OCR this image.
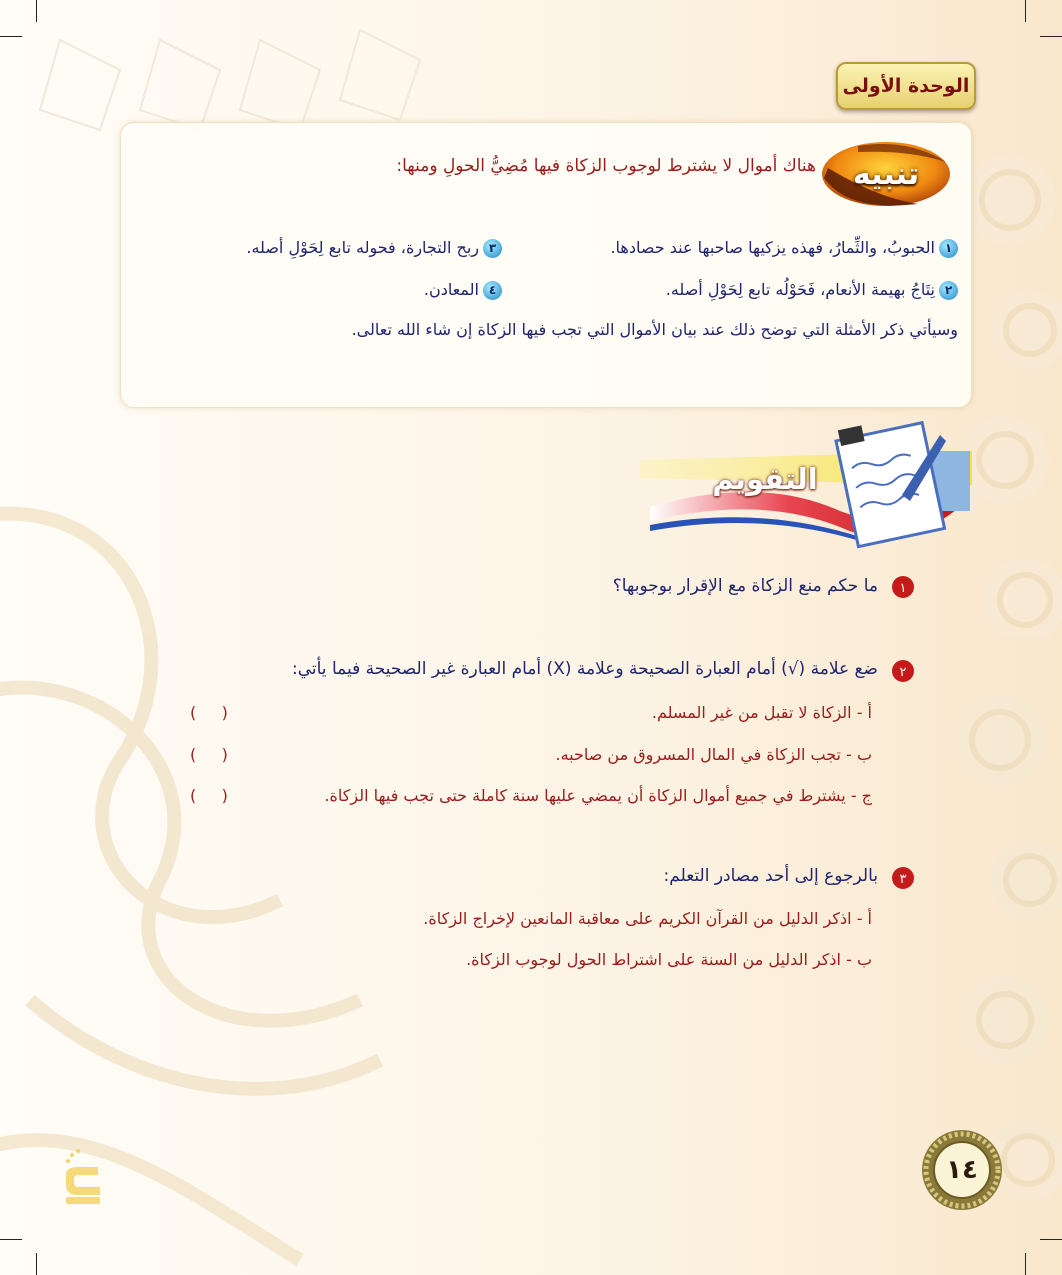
الوحدة الأولى
تنبيه
هناك أموال لا يشترط لوجوب الزكاة فيها مُضِيُّ الحولِ ومنها:
١الحبوبُ، والثِّمارُ، فهذه يزكيها صاحبها عند حصادها.
٢نِتَاجُ بهيمة الأنعام، فَحَوْلُه تابع لِحَوْلِ أصله.
٣ربح التجارة، فحوله تابع لِحَوْلِ أصله.
٤المعادن.
وسيأتي ذكر الأمثلة التي توضح ذلك عند بيان الأموال التي تجب فيها الزكاة إن شاء الله تعالى.
التقويم
١
ما حكم منع الزكاة مع الإقرار بوجوبها؟
٢
ضع علامة (√) أمام العبارة الصحيحة وعلامة (X) أمام العبارة غير الصحيحة فيما يأتي:
أ - الزكاة لا تقبل من غير المسلم.
(     )
ب - تجب الزكاة في المال المسروق من صاحبه.
(     )
ج - يشترط في جميع أموال الزكاة أن يمضي عليها سنة كاملة حتى تجب فيها الزكاة.
(     )
٣
بالرجوع إلى أحد مصادر التعلم:
أ - اذكر الدليل من القرآن الكريم على معاقبة المانعين لإخراج الزكاة.
ب - اذكر الدليل من السنة على اشتراط الحول لوجوب الزكاة.
١٤
